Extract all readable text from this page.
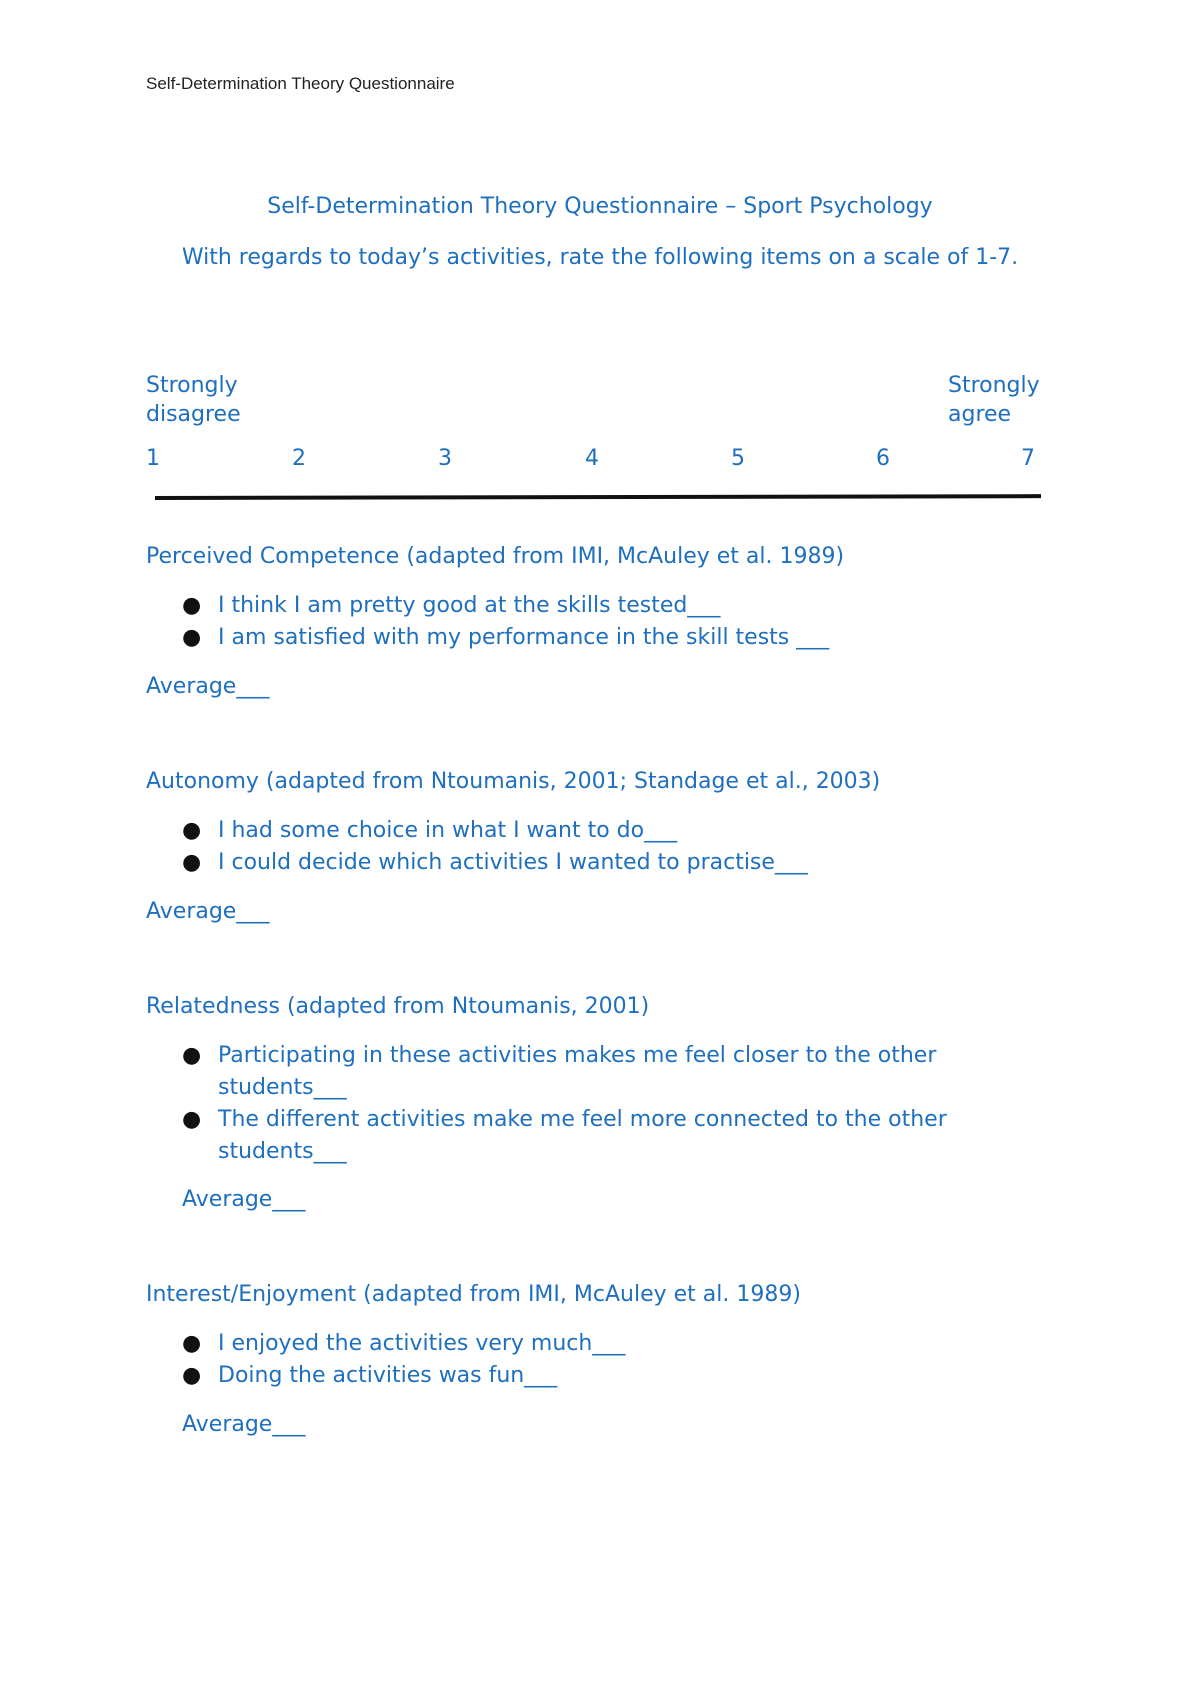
Self-Determination Theory Questionnaire
Self-Determination Theory Questionnaire – Sport Psychology
With regards to today’s activities, rate the following items on a scale of 1-7.
Strongly
disagree
Strongly
agree
1	2	3	4	5	6	7
Perceived Competence (adapted from IMI, McAuley et al. 1989)
● I think I am pretty good at the skills tested___
● I am satisfied with my performance in the skill tests ___
Average___
Autonomy (adapted from Ntoumanis, 2001; Standage et al., 2003)
● I had some choice in what I want to do___
● I could decide which activities I wanted to practise___
Average___
Relatedness (adapted from Ntoumanis, 2001)
● Participating in these activities makes me feel closer to the other students___
● The different activities make me feel more connected to the other students___
Average___
Interest/Enjoyment (adapted from IMI, McAuley et al. 1989)
● I enjoyed the activities very much___
● Doing the activities was fun___
Average___
